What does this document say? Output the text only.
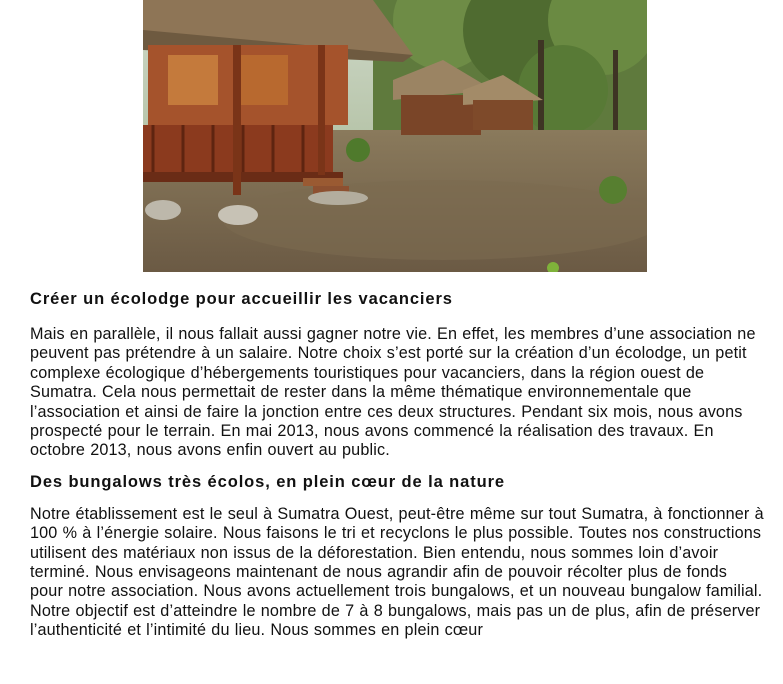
Créer un écolodge pour accueillir les vacanciers

Mais en parallèle, il nous fallait aussi gagner notre vie. En effet, les membres d’une association ne peuvent pas prétendre à un salaire. Notre choix s’est porté sur la création d’un écolodge, un petit complexe écologique d’hébergements touristiques pour vacanciers, dans la région ouest de Sumatra. Cela nous permettait de rester dans la même thématique environnementale que l’association et ainsi de faire la jonction entre ces deux structures. Pendant six mois, nous avons prospecté pour le terrain. En mai 2013, nous avons commencé la réalisation des travaux. En octobre 2013, nous avons enfin ouvert au public.

Des bungalows très écolos, en plein cœur de la nature

Notre établissement est le seul à Sumatra Ouest, peut-être même sur tout Sumatra, à fonctionner à 100 % à l’énergie solaire. Nous faisons le tri et recyclons le plus possible. Toutes nos constructions utilisent des matériaux non issus de la déforestation. Bien entendu, nous sommes loin d’avoir terminé. Nous envisageons maintenant de nous agrandir afin de pouvoir récolter plus de fonds pour notre association. Nous avons actuellement trois bungalows, et un nouveau bungalow familial. Notre objectif est d’atteindre le nombre de 7 à 8 bungalows, mais pas un de plus, afin de préserver l’authenticité et l’intimité du lieu. Nous sommes en plein cœur
